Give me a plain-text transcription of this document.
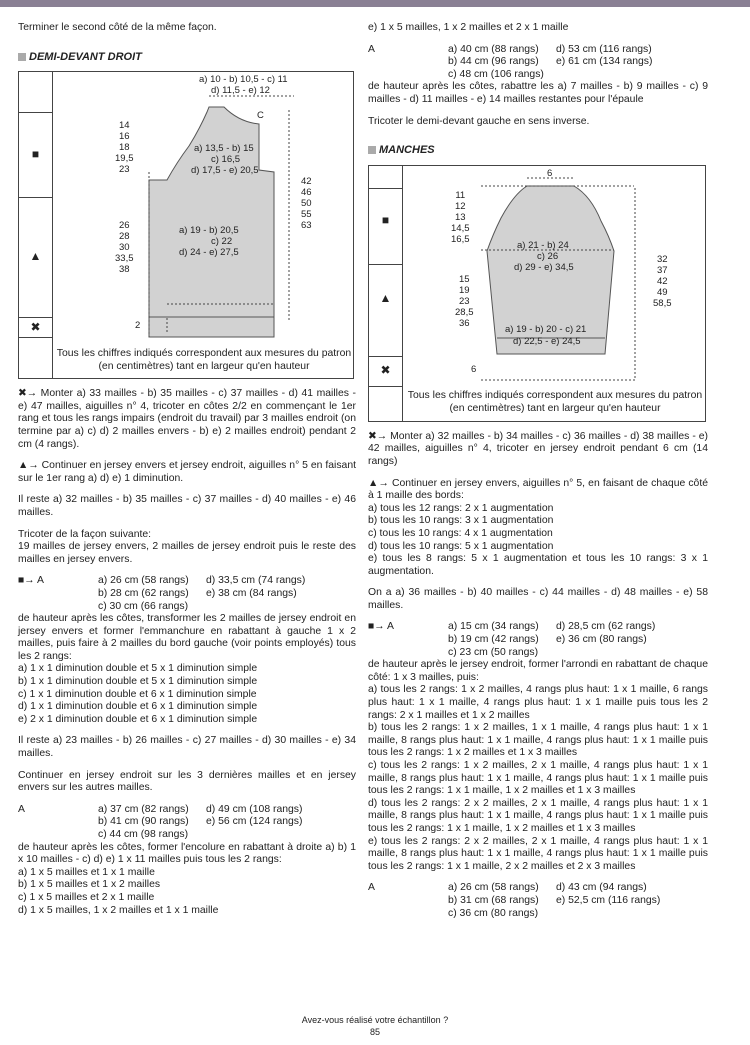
Terminer le second côté de la même façon.

DEMI-DEVANT DROIT
■
▲
✖
a) 10 - b) 10,5 - c) 11
d) 11,5 - e) 12
C
14
16
18
19,5
23
26
28
30
33,5
38
2
42
46
50
55
63
a) 13,5 - b) 15
c) 16,5
d) 17,5 - e) 20,5
a) 19 - b) 20,5
c) 22
d) 24 - e) 27,5
Tous les chiffres indiqués correspondent aux mesures du patron (en centimètres) tant en largeur qu'en hauteur

✖→ Monter a) 33 mailles - b) 35 mailles - c) 37 mailles - d) 41 mailles - e) 47 mailles, aiguilles n° 4, tricoter en côtes 2/2 en commençant le 1er rang et tous les rangs impairs (endroit du travail) par 3 mailles endroit (on termine par a) c) d) 2 mailles envers - b) e) 2 mailles endroit) pendant 2 cm (4 rangs).

▲→ Continuer en jersey envers et jersey endroit, aiguilles n° 5 en faisant sur le 1er rang a) d) e) 1 diminution.

Il reste a) 32 mailles - b) 35 mailles - c) 37 mailles - d) 40 mailles - e) 46 mailles.

Tricoter de la façon suivante:

19 mailles de jersey envers, 2 mailles de jersey endroit puis le reste des mailles en jersey envers.

■→ A	a) 26 cm (58 rangs)	d) 33,5 cm (74 rangs)
b) 28 cm (62 rangs)	e) 38 cm (84 rangs)
c) 30 cm (66 rangs)

de hauteur après les côtes, transformer les 2 mailles de jersey endroit en jersey envers et former l'emmanchure en rabattant à gauche 1 x 2 mailles, puis faire à 2 mailles du bord gauche (voir points employés) tous les 2 rangs:

a) 1 x 1 diminution double et 5 x 1 diminution simple

b) 1 x 1 diminution double et 5 x 1 diminution simple

c) 1 x 1 diminution double et 6 x 1 diminution simple

d) 1 x 1 diminution double et 6 x 1 diminution simple

e) 2 x 1 diminution double et 6 x 1 diminution simple

Il reste a) 23 mailles - b) 26 mailles - c) 27 mailles - d) 30 mailles - e) 34 mailles.

Continuer en jersey endroit sur les 3 dernières mailles et en jersey envers sur les autres mailles.

A	a) 37 cm (82 rangs)	d) 49 cm (108 rangs)
b) 41 cm (90 rangs)	e) 56 cm (124 rangs)
c) 44 cm (98 rangs)

de hauteur après les côtes, former l'encolure en rabattant à droite a) b) 1 x 10 mailles - c) d) e) 1 x 11 mailles puis tous les 2 rangs:

a) 1 x 5 mailles et 1 x 1 maille

b) 1 x 5 mailles et 1 x 2 mailles

c) 1 x 5 mailles et 2 x 1 maille

d) 1 x 5 mailles, 1 x 2 mailles et 1 x 1 maille

e) 1 x 5 mailles, 1 x 2 mailles et 2 x 1 maille

A	a) 40 cm (88 rangs)	d) 53 cm (116 rangs)
b) 44 cm (96 rangs)	e) 61 cm (134 rangs)
c) 48 cm (106 rangs)

de hauteur après les côtes, rabattre les a) 7 mailles - b) 9 mailles - c) 9 mailles - d) 11 mailles - e) 14 mailles restantes pour l'épaule

Tricoter le demi-devant gauche en sens inverse.

MANCHES
■
▲
✖
6
11
12
13
14,5
16,5
15
19
23
28,5
36
6
32
37
42
49
58,5
a) 21 - b) 24
c) 26
d) 29 - e) 34,5
a) 19 - b) 20 - c) 21
d) 22,5 - e) 24,5
Tous les chiffres indiqués correspondent aux mesures du patron (en centimètres) tant en largeur qu'en hauteur

✖→ Monter a) 32 mailles - b) 34 mailles - c) 36 mailles - d) 38 mailles - e) 42 mailles, aiguilles n° 4, tricoter en jersey endroit pendant 6 cm (14 rangs)

▲→ Continuer en jersey envers, aiguilles n° 5, en faisant de chaque côté à 1 maille des bords:

a) tous les 12 rangs: 2 x 1 augmentation

b) tous les 10 rangs: 3 x 1 augmentation

c) tous les 10 rangs: 4 x 1 augmentation

d) tous les 10 rangs: 5 x 1 augmentation

e) tous les 8 rangs: 5 x 1 augmentation et tous les 10 rangs: 3 x 1 augmentation.

On a a) 36 mailles - b) 40 mailles - c) 44 mailles - d) 48 mailles - e) 58 mailles.

■→ A	a) 15 cm (34 rangs)	d) 28,5 cm (62 rangs)
b) 19 cm (42 rangs)	e) 36 cm (80 rangs)
c) 23 cm (50 rangs)

de hauteur après le jersey endroit, former l'arrondi en rabattant de chaque côté: 1 x 3 mailles, puis:

a) tous les 2 rangs: 1 x 2 mailles, 4 rangs plus haut: 1 x 1 maille, 6 rangs plus haut: 1 x 1 maille, 4 rangs plus haut: 1 x 1 maille puis tous les 2 rangs: 2 x 1 mailles et 1 x 2 mailles

b) tous les 2 rangs: 1 x 2 mailles, 1 x 1 maille, 4 rangs plus haut: 1 x 1 maille, 8 rangs plus haut: 1 x 1 maille, 4 rangs plus haut: 1 x 1 maille puis tous les 2 rangs: 1 x 2 mailles et 1 x 3 mailles

c) tous les 2 rangs: 1 x 2 mailles, 2 x 1 maille, 4 rangs plus haut: 1 x 1 maille, 8 rangs plus haut: 1 x 1 maille, 4 rangs plus haut: 1 x 1 maille puis tous les 2 rangs: 1 x 1 maille, 1 x 2 mailles et 1 x 3 mailles

d) tous les 2 rangs: 2 x 2 mailles, 2 x 1 maille, 4 rangs plus haut: 1 x 1 maille, 8 rangs plus haut: 1 x 1 maille, 4 rangs plus haut: 1 x 1 maille puis tous les 2 rangs: 1 x 1 maille, 1 x 2 mailles et 1 x 3 mailles

e) tous les 2 rangs: 2 x 2 mailles, 2 x 1 maille, 4 rangs plus haut: 1 x 1 maille, 8 rangs plus haut: 1 x 1 maille, 4 rangs plus haut: 1 x 1 maille puis tous les 2 rangs: 1 x 1 maille, 2 x 2 mailles et 2 x 3 mailles

A	a) 26 cm (58 rangs)	d) 43 cm (94 rangs)
b) 31 cm (68 rangs)	e) 52,5 cm (116 rangs)
c) 36 cm (80 rangs)
Avez-vous réalisé votre échantillon ?
85
